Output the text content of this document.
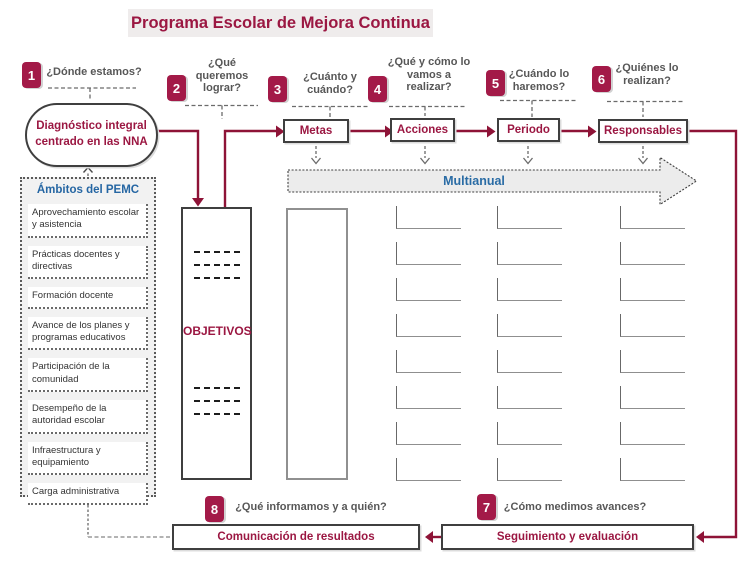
Programa Escolar de Mejora Continua
1	¿Dónde estamos?
2
¿Qué queremos lograr?	3
¿Cuánto y cuándo?	4
¿Qué y cómo lo vamos a realizar?	5
¿Cuándo lo haremos?
6
¿Quiénes lo realizan?
7	¿Cómo medimos avances?
8	¿Qué informamos y a quién?
Diagnóstico integral centrado en las NNA
Ámbitos del PEMC
Aprovechamiento escolar y asistencia
Prácticas docentes y directivas
Formación docente
Avance de los planes y programas educativos
Participación de la comunidad
Desempeño de la autoridad escolar
Infraestructura y equipamiento
Carga administrativa
OBJETIVOS
Metas	Acciones	Periodo	Responsables
Multianual
Comunicación de resultados	Seguimiento y evaluación
